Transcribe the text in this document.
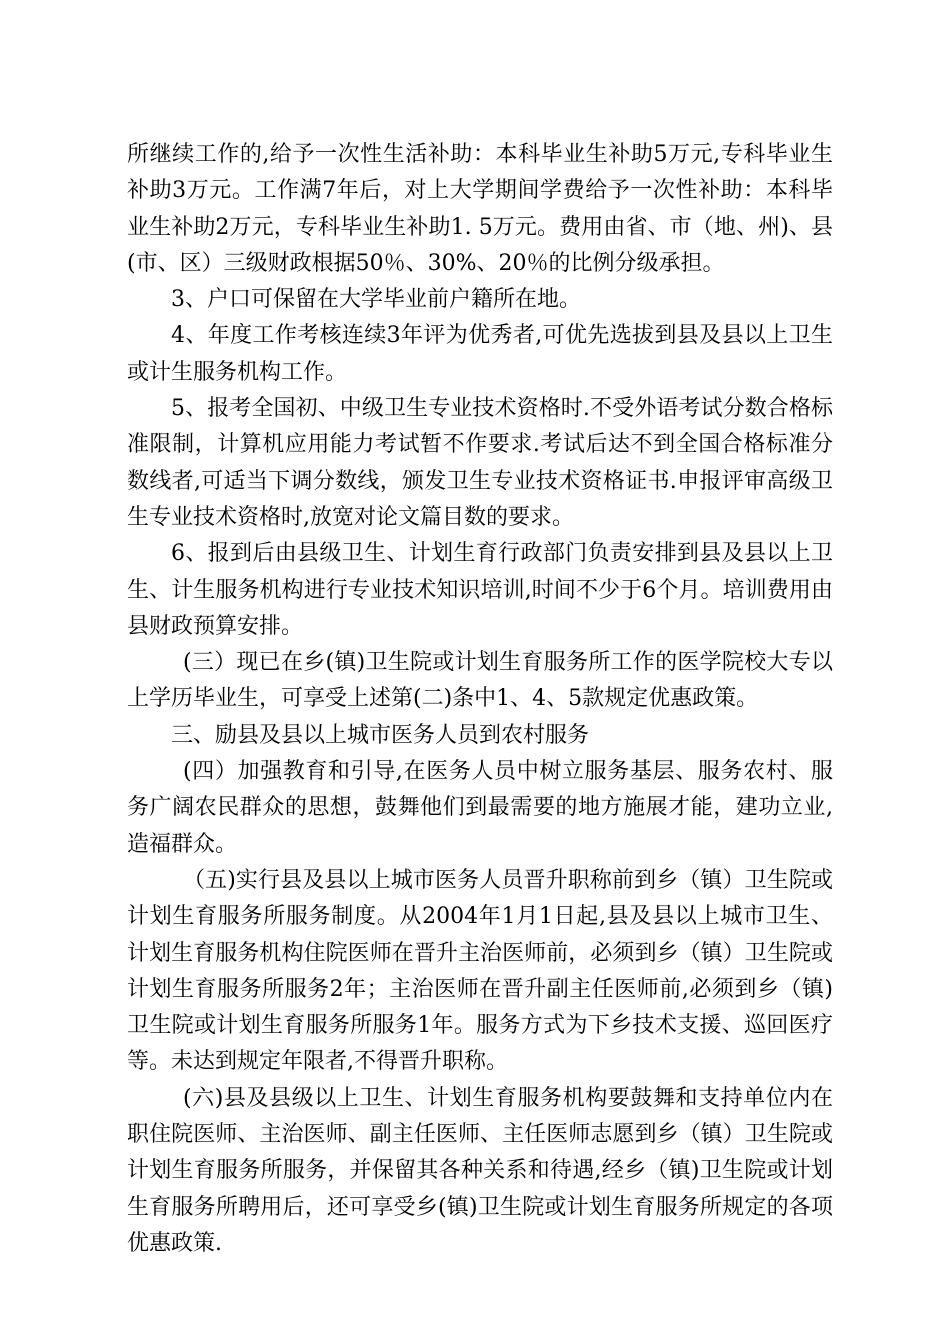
所继续工作的,给予一次性生活补助：本科毕业生补助5万元,专科毕业生补助3万元。工作满7年后，对上大学期间学费给予一次性补助：本科毕业生补助2万元，专科毕业生补助1. 5万元。费用由省、市（地、州)、县(市、区）三级财政根据50％、30%、20％的比例分级承担。

3、户口可保留在大学毕业前户籍所在地。

4、年度工作考核连续3年评为优秀者,可优先选拔到县及县以上卫生或计生服务机构工作。

5、报考全国初、中级卫生专业技术资格时.不受外语考试分数合格标准限制，计算机应用能力考试暂不作要求.考试后达不到全国合格标准分数线者,可适当下调分数线，颁发卫生专业技术资格证书.申报评审高级卫生专业技术资格时,放宽对论文篇目数的要求。

6、报到后由县级卫生、计划生育行政部门负责安排到县及县以上卫生、计生服务机构进行专业技术知识培训,时间不少于6个月。培训费用由县财政预算安排。

(三）现已在乡(镇)卫生院或计划生育服务所工作的医学院校大专以上学历毕业生，可享受上述第(二)条中1、4、5款规定优惠政策。

三、励县及县以上城市医务人员到农村服务

(四）加强教育和引导,在医务人员中树立服务基层、服务农村、服务广阔农民群众的思想，鼓舞他们到最需要的地方施展才能，建功立业,造福群众。

（五)实行县及县以上城市医务人员晋升职称前到乡（镇）卫生院或计划生育服务所服务制度。从2004年1月1日起,县及县以上城市卫生、计划生育服务机构住院医师在晋升主治医师前，必须到乡（镇）卫生院或计划生育服务所服务2年；主治医师在晋升副主任医师前,必须到乡（镇)卫生院或计划生育服务所服务1年。服务方式为下乡技术支援、巡回医疗等。未达到规定年限者,不得晋升职称。

(六)县及县级以上卫生、计划生育服务机构要鼓舞和支持单位内在职住院医师、主治医师、副主任医师、主任医师志愿到乡（镇）卫生院或计划生育服务所服务，并保留其各种关系和待遇,经乡（镇)卫生院或计划生育服务所聘用后，还可享受乡(镇)卫生院或计划生育服务所规定的各项优惠政策.
